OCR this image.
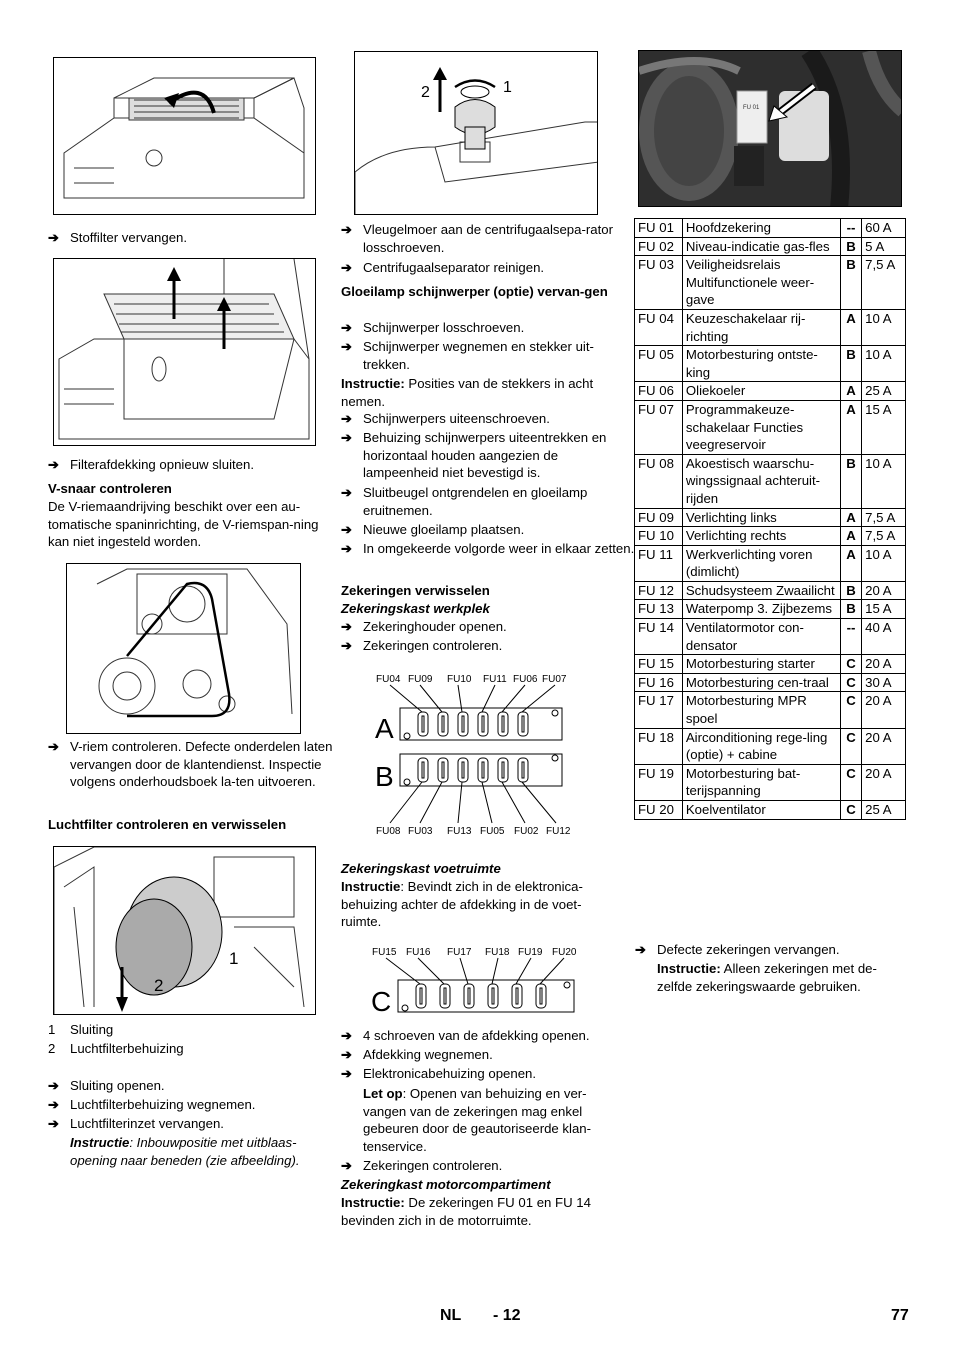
➔ Stoffilter vervangen.
➔ Filterafdekking opnieuw sluiten.
V-snaar controleren
De V-riemaandrijving beschikt over een au-tomatische spaninrichting, de V-riemspan-ning kan niet ingesteld worden.
➔ V-riem controleren. Defecte onderdelen laten vervangen door de klantendienst. Inspectie volgens onderhoudsboek la-ten uitvoeren.
Luchtfilter controleren en verwisselen
1
2
1 Sluiting
2 Luchtfilterbehuizing
➔ Sluiting openen.
➔ Luchtfilterbehuizing wegnemen.
➔ Luchtfilterinzet vervangen.
Instructie: Inbouwpositie met uitblaas-opening naar beneden (zie afbeelding).
2	1
➔ Vleugelmoer aan de centrifugaalsepa-rator losschroeven.
➔ Centrifugaalseparator reinigen.
Gloeilamp schijnwerper (optie) vervan-gen
➔ Schijnwerper losschroeven.
➔ Schijnwerper wegnemen en stekker uit-trekken.
Instructie: Posities van de stekkers in acht nemen.
➔ Schijnwerpers uiteenschroeven.
➔ Behuizing schijnwerpers uiteentrekken en horizontaal houden aangezien de lampeenheid niet bevestigd is.
➔ Sluitbeugel ontgrendelen en gloeilamp eruitnemen.
➔ Nieuwe gloeilamp plaatsen.
➔ In omgekeerde volgorde weer in elkaar zetten.
Zekeringen verwisselen
Zekeringskast werkplek
➔ Zekeringhouder openen.
➔ Zekeringen controleren.
FU04 FU09 FU10 FU11 FU06 FU07
FU08 FU03 FU13 FU05 FU02 FU12
A
B
Zekeringskast voetruimte
Instructie: Bevindt zich in de elektronica-behuizing achter de afdekking in de voet-ruimte.
FU15 FU16 FU17 FU18 FU19 FU20
C
➔ 4 schroeven van de afdekking openen.
➔ Afdekking wegnemen.
➔ Elektronicabehuizing openen.
Let op: Openen van behuizing en ver-vangen van de zekeringen mag enkel gebeuren door de geautoriseerde klan-tenservice.
➔ Zekeringen controleren.
Zekeringkast motorcompartiment
Instructie: De zekeringen FU 01 en FU 14 bevinden zich in de motorruimte.
FU 01
FU 01	Hoofdzekering	--	60 A
FU 02	Niveau-indicatie gas-fles	B	5 A
FU 03	Veiligheidsrelais Multifunctionele weer-gave	B	7,5 A
FU 04	Keuzeschakelaar rij-richting	A	10 A
FU 05	Motorbesturing ontste-king	B	10 A
FU 06	Oliekoeler	A	25 A
FU 07	Programmakeuze-schakelaar Functies veegreservoir	A	15 A
FU 08	Akoestisch waarschu-wingssignaal achteruit-rijden	B	10 A
FU 09	Verlichting links	A	7,5 A
FU 10	Verlichting rechts	A	7,5 A
FU 11	Werkverlichting voren (dimlicht)	A	10 A
FU 12	Schudsysteem Zwaailicht	B	20 A
FU 13	Waterpomp 3. Zijbezems	B	15 A
FU 14	Ventilatormotor con-densator	--	40 A
FU 15	Motorbesturing starter	C	20 A
FU 16	Motorbesturing cen-traal	C	30 A
FU 17	Motorbesturing MPR spoel	C	20 A
FU 18	Airconditioning rege-ling (optie) + cabine	C	20 A
FU 19	Motorbesturing bat-terijspanning	C	20 A
FU 20	Koelventilator	C	25 A
➔ Defecte zekeringen vervangen.
Instructie: Alleen zekeringen met de-zelfde zekeringswaarde gebruiken.
NL - 12	77
